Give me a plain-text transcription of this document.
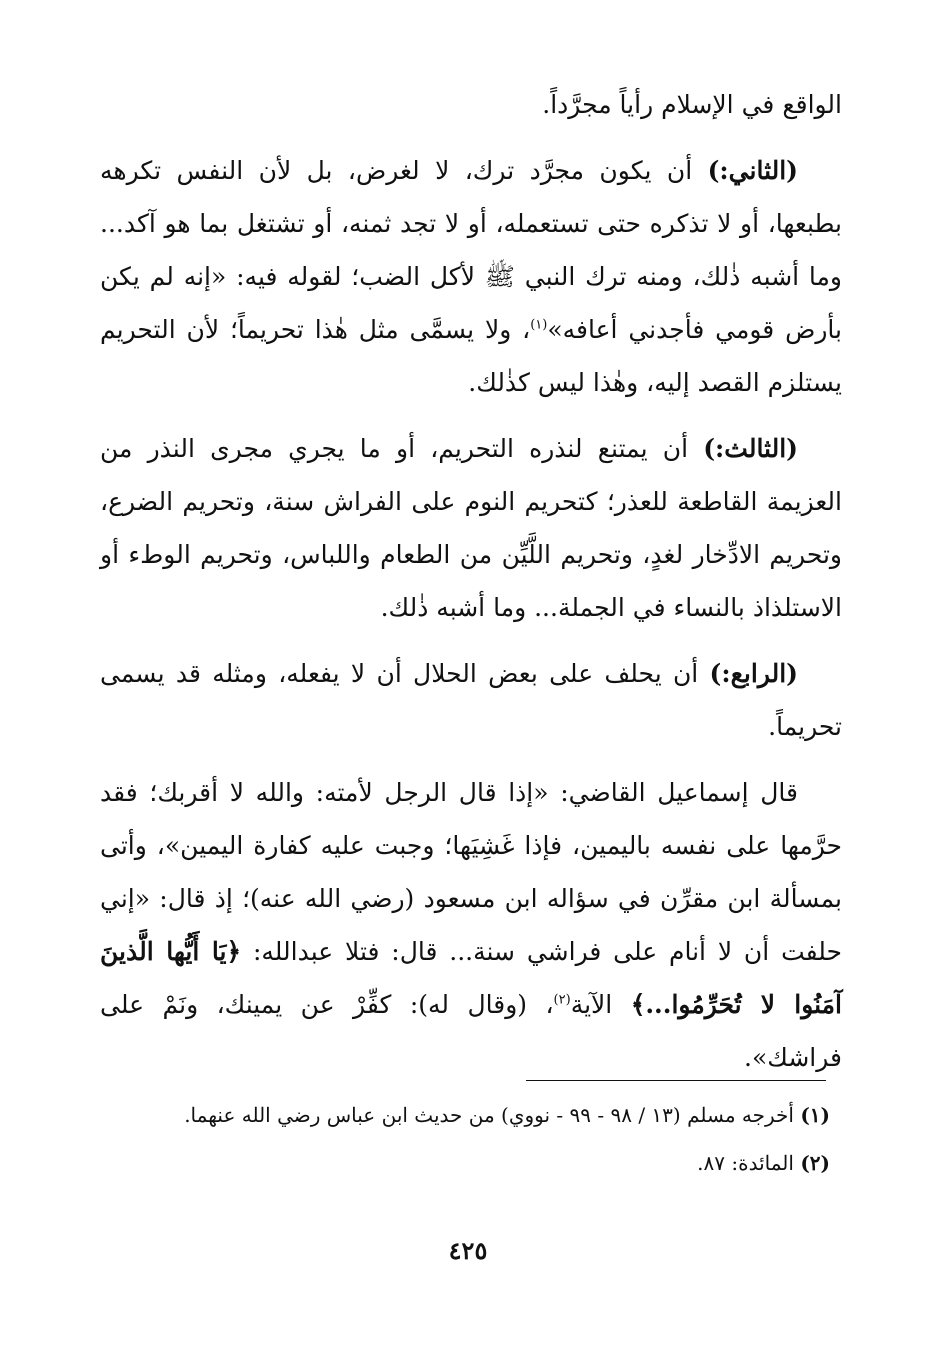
الواقع في الإسلام رأياً مجرَّداً.

(الثاني:) أن يكون مجرَّد ترك، لا لغرض، بل لأن النفس تكرهه بطبعها، أو لا تذكره حتى تستعمله، أو لا تجد ثمنه، أو تشتغل بما هو آكد... وما أشبه ذٰلك، ومنه ترك النبي ﷺ لأكل الضب؛ لقوله فيه: «إنه لم يكن بأرض قومي فأجدني أعافه»$^{(١)}$، ولا يسمَّى مثل هٰذا تحريماً؛ لأن التحريم يستلزم القصد إليه، وهٰذا ليس كذٰلك.

(الثالث:) أن يمتنع لنذره التحريم، أو ما يجري مجرى النذر من العزيمة القاطعة للعذر؛ كتحريم النوم على الفراش سنة، وتحريم الضرع، وتحريم الادِّخار لغدٍ، وتحريم اللَّيِّن من الطعام واللباس، وتحريم الوطء أو الاستلذاذ بالنساء في الجملة... وما أشبه ذٰلك.

(الرابع:) أن يحلف على بعض الحلال أن لا يفعله، ومثله قد يسمى تحريماً.

قال إسماعيل القاضي: «إذا قال الرجل لأمته: والله لا أقربك؛ فقد حرَّمها على نفسه باليمين، فإذا غَشِيَها؛ وجبت عليه كفارة اليمين»، وأتى بمسألة ابن مقرِّن في سؤاله ابن مسعود (رضي الله عنه)؛ إذ قال: «إني حلفت أن لا أنام على فراشي سنة... قال: فتلا عبدالله: ﴿يَا أَيُّها الَّذينَ آمَنُوا لا تُحَرِّمُوا...﴾ الآية$^{(٢)}$، (وقال له): كفِّرْ عن يمينك، ونَمْ على فراشك».

(١) أخرجه مسلم (١٣ / ٩٨ - ٩٩ - نووي) من حديث ابن عباس رضي الله عنهما.

(٢) المائدة: ٨٧.

٤٢٥
